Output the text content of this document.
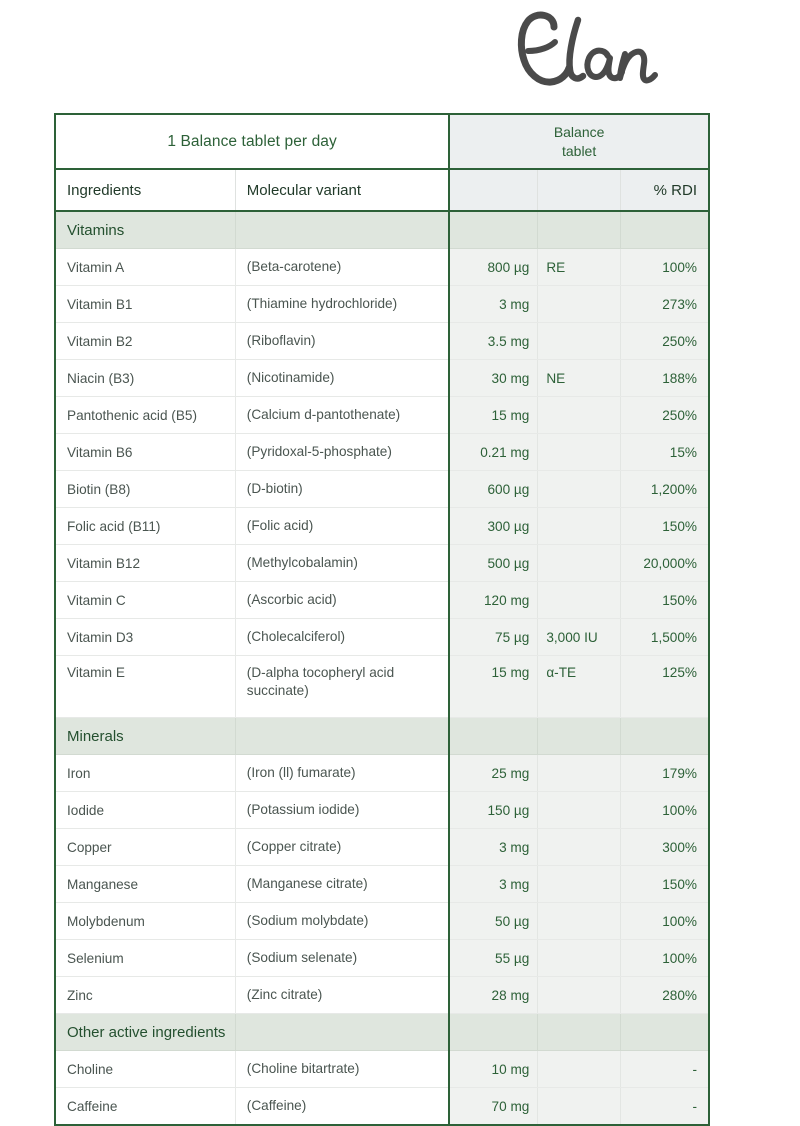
1 Balance tablet per day		Balance
tablet		
Ingredients	Molecular variant			% RDI
Vitamins				
Vitamin A	(Beta-carotene)	800 µg	RE	100%
Vitamin B1	(Thiamine hydrochloride)	3 mg		273%
Vitamin B2	(Riboflavin)	3.5 mg		250%
Niacin (B3)	(Nicotinamide)	30 mg	NE	188%
Pantothenic acid (B5)	(Calcium d-pantothenate)	15 mg		250%
Vitamin B6	(Pyridoxal-5-phosphate)	0.21 mg		15%
Biotin (B8)	(D-biotin)	600 µg		1,200%
Folic acid (B11)	(Folic acid)	300 µg		150%
Vitamin B12	(Methylcobalamin)	500 µg		20,000%
Vitamin C	(Ascorbic acid)	120 mg		150%
Vitamin D3	(Cholecalciferol)	75 µg	3,000 IU	1,500%
Vitamin E	(D-alpha tocopheryl acid succinate)	15 mg	α-TE	125%
Minerals				
Iron	(Iron (ll) fumarate)	25 mg		179%
Iodide	(Potassium iodide)	150 µg		100%
Copper	(Copper citrate)	3 mg		300%
Manganese	(Manganese citrate)	3 mg		150%
Molybdenum	(Sodium molybdate)	50 µg		100%
Selenium	(Sodium selenate)	55 µg		100%
Zinc	(Zinc citrate)	28 mg		280%
Other active ingredients				
Choline	(Choline bitartrate)	10 mg		-
Caffeine	(Caffeine)	70 mg		-
